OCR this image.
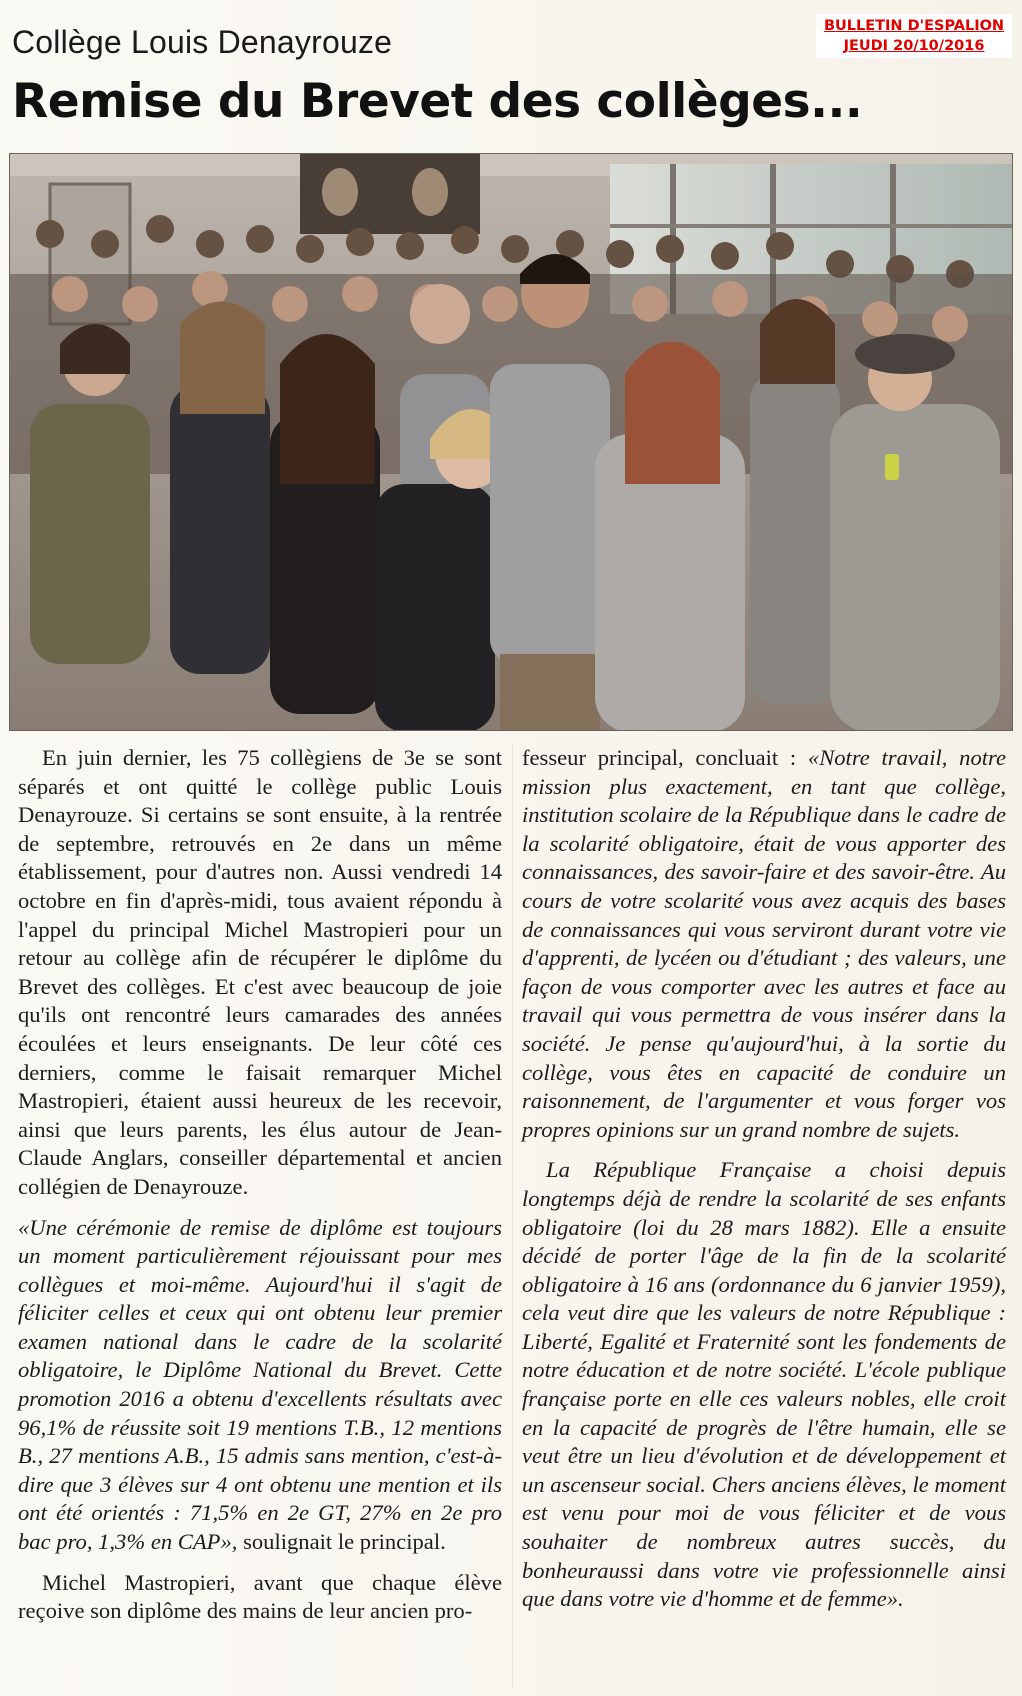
Collège Louis Denayrouze
Remise du Brevet des collèges...
BULLETIN D'ESPALION
JEUDI 20/10/2016

En juin dernier, les 75 collègiens de 3e se sont séparés et ont quitté le collège public Louis Denayrouze. Si certains se sont ensuite, à la rentrée de septembre, retrouvés en 2e dans un même établissement, pour d'autres non. Aussi vendredi 14 octobre en fin d'après-midi, tous avaient répondu à l'appel du principal Michel Mastropieri pour un retour au collège afin de récupérer le diplôme du Brevet des collèges. Et c'est avec beaucoup de joie qu'ils ont rencontré leurs camarades des années écoulées et leurs enseignants. De leur côté ces derniers, comme le faisait remarquer Michel Mastropieri, étaient aussi heureux de les recevoir, ainsi que leurs parents, les élus autour de Jean-Claude Anglars, conseiller départemental et ancien collégien de Denayrouze.

«Une cérémonie de remise de diplôme est toujours un moment particulièrement réjouissant pour mes collègues et moi-même. Aujourd'hui il s'agit de féliciter celles et ceux qui ont obtenu leur premier examen national dans le cadre de la scolarité obligatoire, le Diplôme National du Brevet. Cette promotion 2016 a obtenu d'excellents résultats avec 96,1% de réussite soit 19 mentions T.B., 12 mentions B., 27 mentions A.B., 15 admis sans mention, c'est-à-dire que 3 élèves sur 4 ont obtenu une mention et ils ont été orientés : 71,5% en 2e GT, 27% en 2e pro bac pro, 1,3% en CAP», soulignait le principal.

Michel Mastropieri, avant que chaque élève reçoive son diplôme des mains de leur ancien pro-

fesseur principal, concluait : «Notre travail, notre mission plus exactement, en tant que collège, institution scolaire de la République dans le cadre de la scolarité obligatoire, était de vous apporter des connaissances, des savoir-faire et des savoir-être. Au cours de votre scolarité vous avez acquis des bases de connaissances qui vous serviront durant votre vie d'apprenti, de lycéen ou d'étudiant ; des valeurs, une façon de vous comporter avec les autres et face au travail qui vous permettra de vous insérer dans la société. Je pense qu'aujourd'hui, à la sortie du collège, vous êtes en capacité de conduire un raisonnement, de l'argumenter et vous forger vos propres opinions sur un grand nombre de sujets.

La République Française a choisi depuis longtemps déjà de rendre la scolarité de ses enfants obligatoire (loi du 28 mars 1882). Elle a ensuite décidé de porter l'âge de la fin de la scolarité obligatoire à 16 ans (ordonnance du 6 janvier 1959), cela veut dire que les valeurs de notre République : Liberté, Egalité et Fraternité sont les fondements de notre éducation et de notre société. L'école publique française porte en elle ces valeurs nobles, elle croit en la capacité de progrès de l'être humain, elle se veut être un lieu d'évolution et de développement et un ascenseur social. Chers anciens élèves, le moment est venu pour moi de vous féliciter et de vous souhaiter de nombreux autres succès, du bonheuraussi dans votre vie professionnelle ainsi que dans votre vie d'homme et de femme».
